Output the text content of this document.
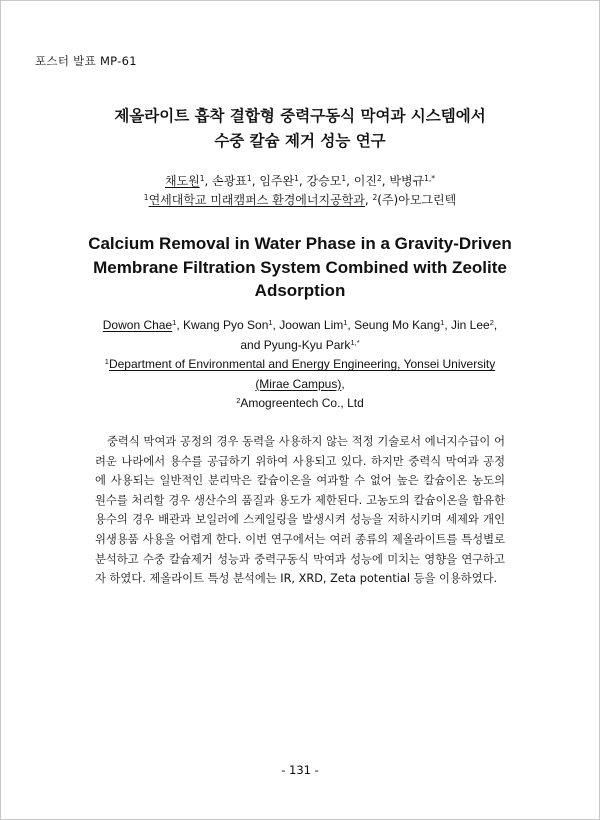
포스터 발표 MP-61
제올라이트 흡착 결합형 중력구동식 막여과 시스템에서
수중 칼슘 제거 성능 연구
채도원$^1$, 손광표$^1$, 임주완$^1$, 강승모$^1$, 이진$^2$, 박병규$^{1,*}$
$^1$연세대학교 미래캠퍼스 환경에너지공학과, $^2$(주)아모그린텍
Calcium Removal in Water Phase in a Gravity-Driven
Membrane Filtration System Combined with Zeolite
Adsorption
Dowon Chae$^1$, Kwang Pyo Son$^1$, Joowan Lim$^1$, Seung Mo Kang$^1$, Jin Lee$^2$,
and Pyung-Kyu Park$^{1,*}$
$^1$Department of Environmental and Energy Engineering, Yonsei University
(Mirae Campus),
$^2$Amogreentech Co., Ltd
중력식 막여과 공정의 경우 동력을 사용하지 않는 적정 기술로서 에너지수급이 어려운 나라에서 용수를 공급하기 위하여 사용되고 있다. 하지만 중력식 막여과 공정에 사용되는 일반적인 분리막은 칼슘이온을 여과할 수 없어 높은 칼슘이온 농도의 원수를 처리할 경우 생산수의 품질과 용도가 제한된다. 고농도의 칼슘이온을 함유한 용수의 경우 배관과 보일러에 스케일링을 발생시켜 성능을 저하시키며 세제와 개인위생용품 사용을 어렵게 한다. 이번 연구에서는 여러 종류의 제올라이트를 특성별로 분석하고 수중 칼슘제거 성능과 중력구동식 막여과 성능에 미치는 영향을 연구하고자 하였다. 제올라이트 특성 분석에는 IR, XRD, Zeta potential 등을 이용하였다.
- 131 -
